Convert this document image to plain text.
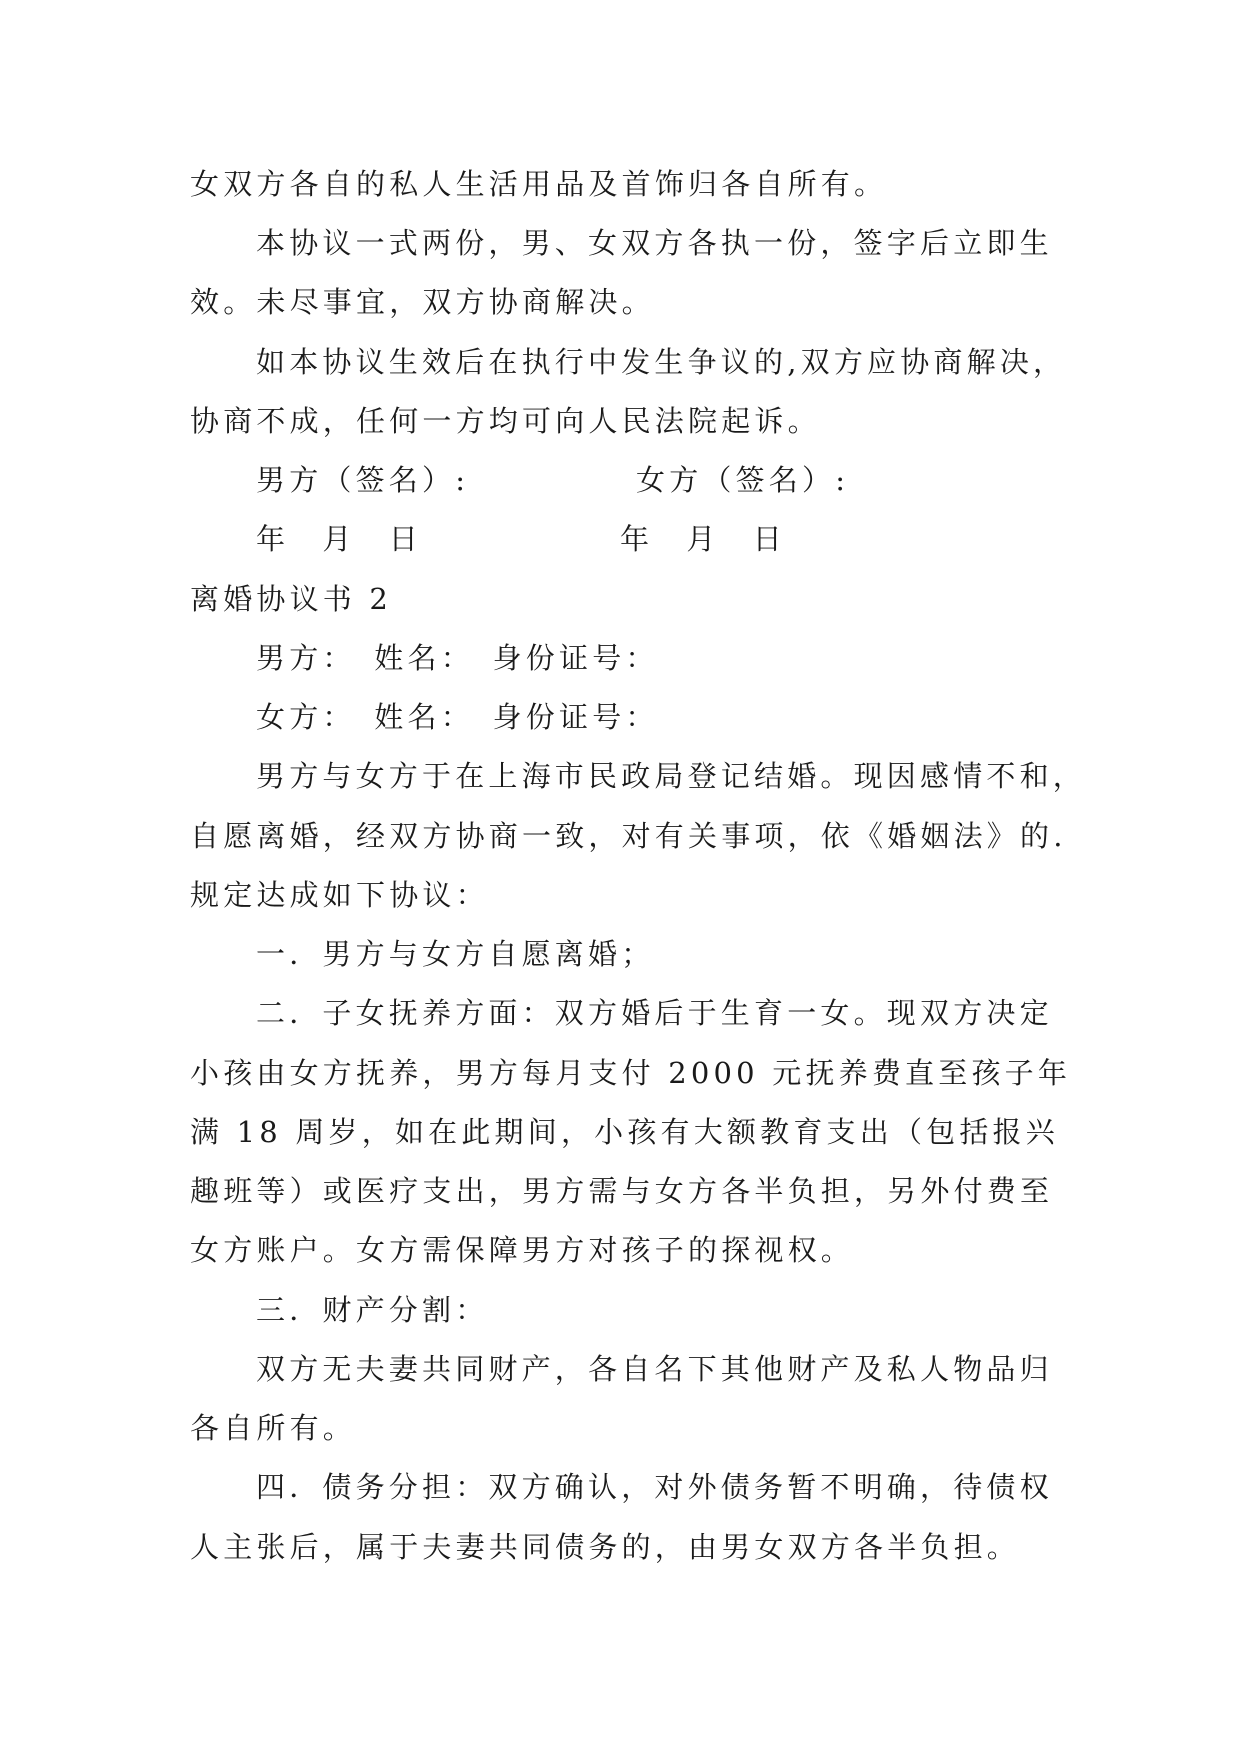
女双方各自的私人生活用品及首饰归各自所有。
本协议一式两份，男、女双方各执一份，签字后立即生
效。未尽事宜，双方协商解决。
如本协议生效后在执行中发生争议的,双方应协商解决，
协商不成，任何一方均可向人民法院起诉。
男方（签名）:	女方（签名）:
年　月　日	年　月　日
离婚协议书 2
男方：　姓名：　身份证号：
女方：　姓名：　身份证号：
男方与女方于在上海市民政局登记结婚。现因感情不和，
自愿离婚，经双方协商一致，对有关事项，依《婚姻法》的.
规定达成如下协议：
一．男方与女方自愿离婚；
二．子女抚养方面：双方婚后于生育一女。现双方决定
小孩由女方抚养，男方每月支付 2000 元抚养费直至孩子年
满 18 周岁，如在此期间，小孩有大额教育支出（包括报兴
趣班等）或医疗支出，男方需与女方各半负担，另外付费至
女方账户。女方需保障男方对孩子的探视权。
三．财产分割：
双方无夫妻共同财产，各自名下其他财产及私人物品归
各自所有。
四．债务分担：双方确认，对外债务暂不明确，待债权
人主张后，属于夫妻共同债务的，由男女双方各半负担。
